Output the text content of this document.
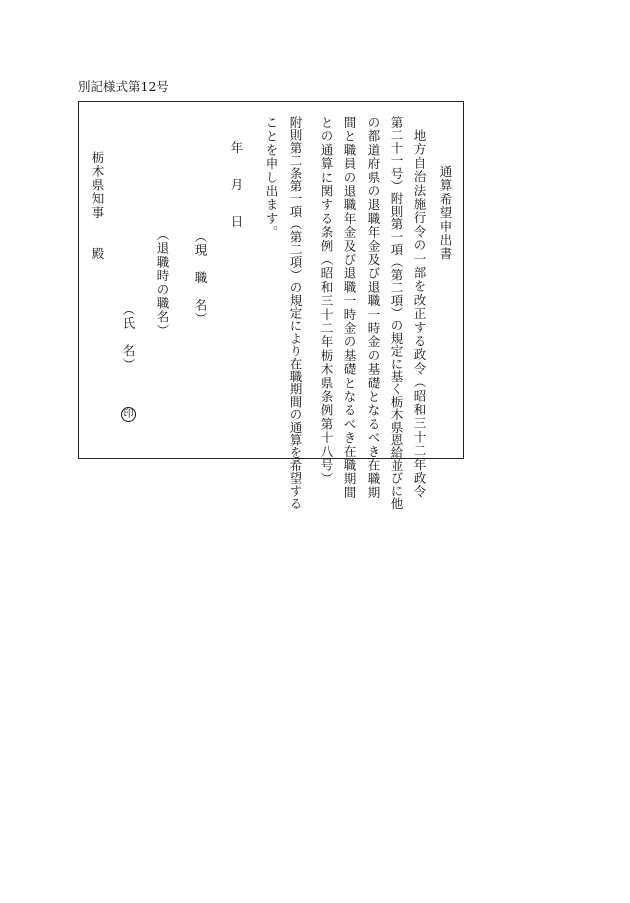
別記様式第12号
通算希望申出書
地方自治法施行令の一部を改正する政令（昭和三十二年政令
第二十一号）附則第一項（第二項）の規定に基く栃木県恩給並びに他
の都道府県の退職年金及び退職一時金の基礎となるべき在職期
間と職員の退職年金及び退職一時金の基礎となるべき在職期間
との通算に関する条例（昭和三十二年栃木県条例第十八号）
附則第二条第一項（第二項）の規定により在職期間の通算を希望する
ことを申し出ます。
年　月　日
（現　職　名）
（退職時の職名）
（氏　名）
印
栃木県知事　　殿
